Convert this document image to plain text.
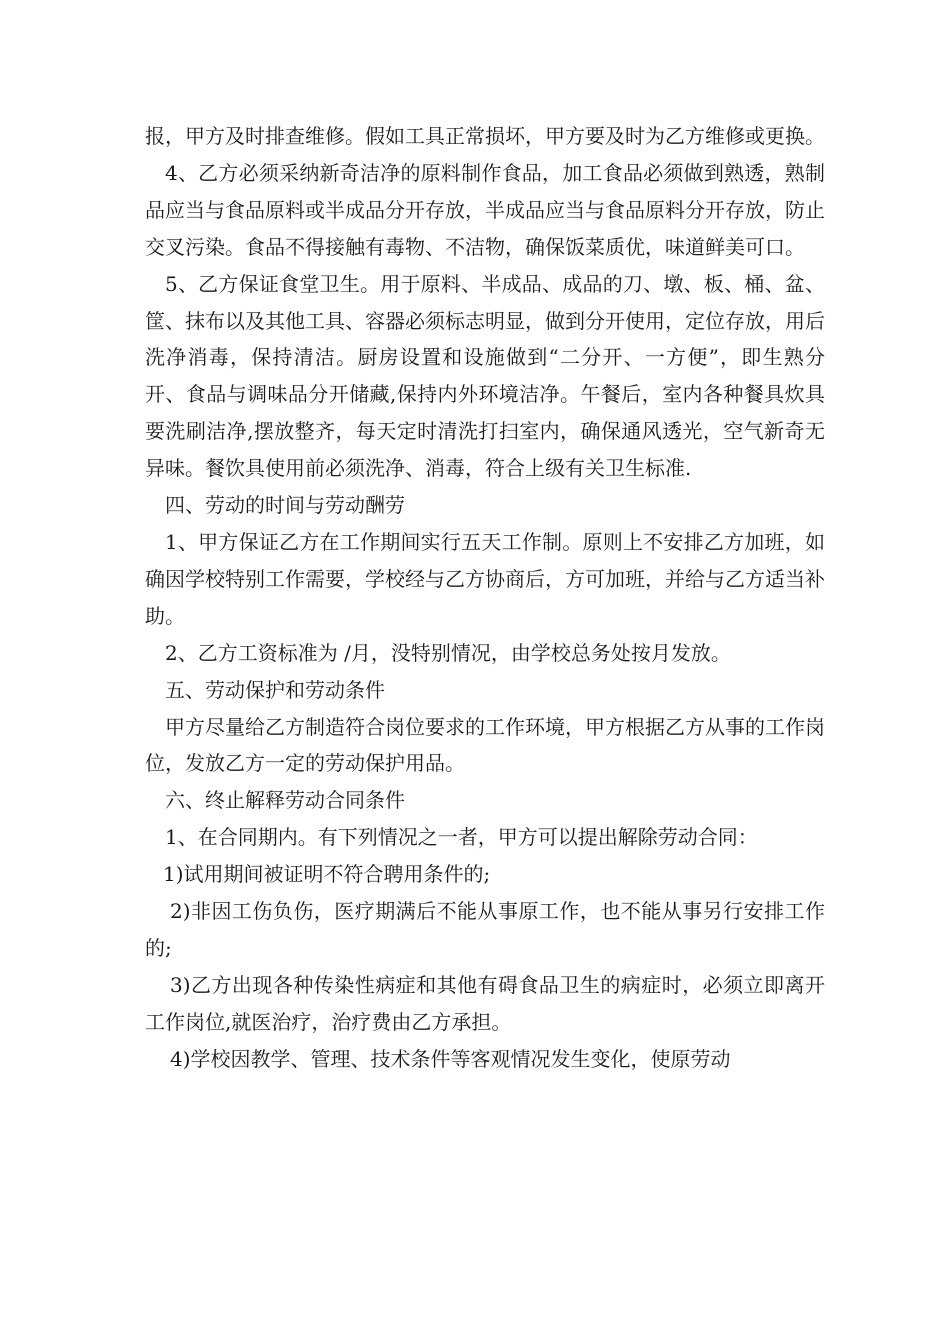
报，甲方及时排查维修。假如工具正常损坏，甲方要及时为乙方维修或更换。

4、乙方必须采纳新奇洁净的原料制作食品，加工食品必须做到熟透，熟制品应当与食品原料或半成品分开存放，半成品应当与食品原料分开存放，防止交叉污染。食品不得接触有毒物、不洁物，确保饭菜质优，味道鲜美可口。

5、乙方保证食堂卫生。用于原料、半成品、成品的刀、墩、板、桶、盆、筐、抹布以及其他工具、容器必须标志明显，做到分开使用，定位存放，用后洗净消毒，保持清洁。厨房设置和设施做到“二分开、一方便”，即生熟分开、食品与调味品分开储藏,保持内外环境洁净。午餐后，室内各种餐具炊具要洗刷洁净,摆放整齐，每天定时清洗打扫室内，确保通风透光，空气新奇无异味。餐饮具使用前必须洗净、消毒，符合上级有关卫生标准.

四、劳动的时间与劳动酬劳

1、甲方保证乙方在工作期间实行五天工作制。原则上不安排乙方加班，如确因学校特别工作需要，学校经与乙方协商后，方可加班，并给与乙方适当补助。

2、乙方工资标准为 /月，没特别情况，由学校总务处按月发放。

五、劳动保护和劳动条件

甲方尽量给乙方制造符合岗位要求的工作环境，甲方根据乙方从事的工作岗位，发放乙方一定的劳动保护用品。

六、终止解释劳动合同条件

1、在合同期内。有下列情况之一者，甲方可以提出解除劳动合同：

1)试用期间被证明不符合聘用条件的;

2)非因工伤负伤，医疗期满后不能从事原工作，也不能从事另行安排工作的;

3)乙方出现各种传染性病症和其他有碍食品卫生的病症时，必须立即离开工作岗位,就医治疗，治疗费由乙方承担。

4)学校因教学、管理、技术条件等客观情况发生变化，使原劳动
